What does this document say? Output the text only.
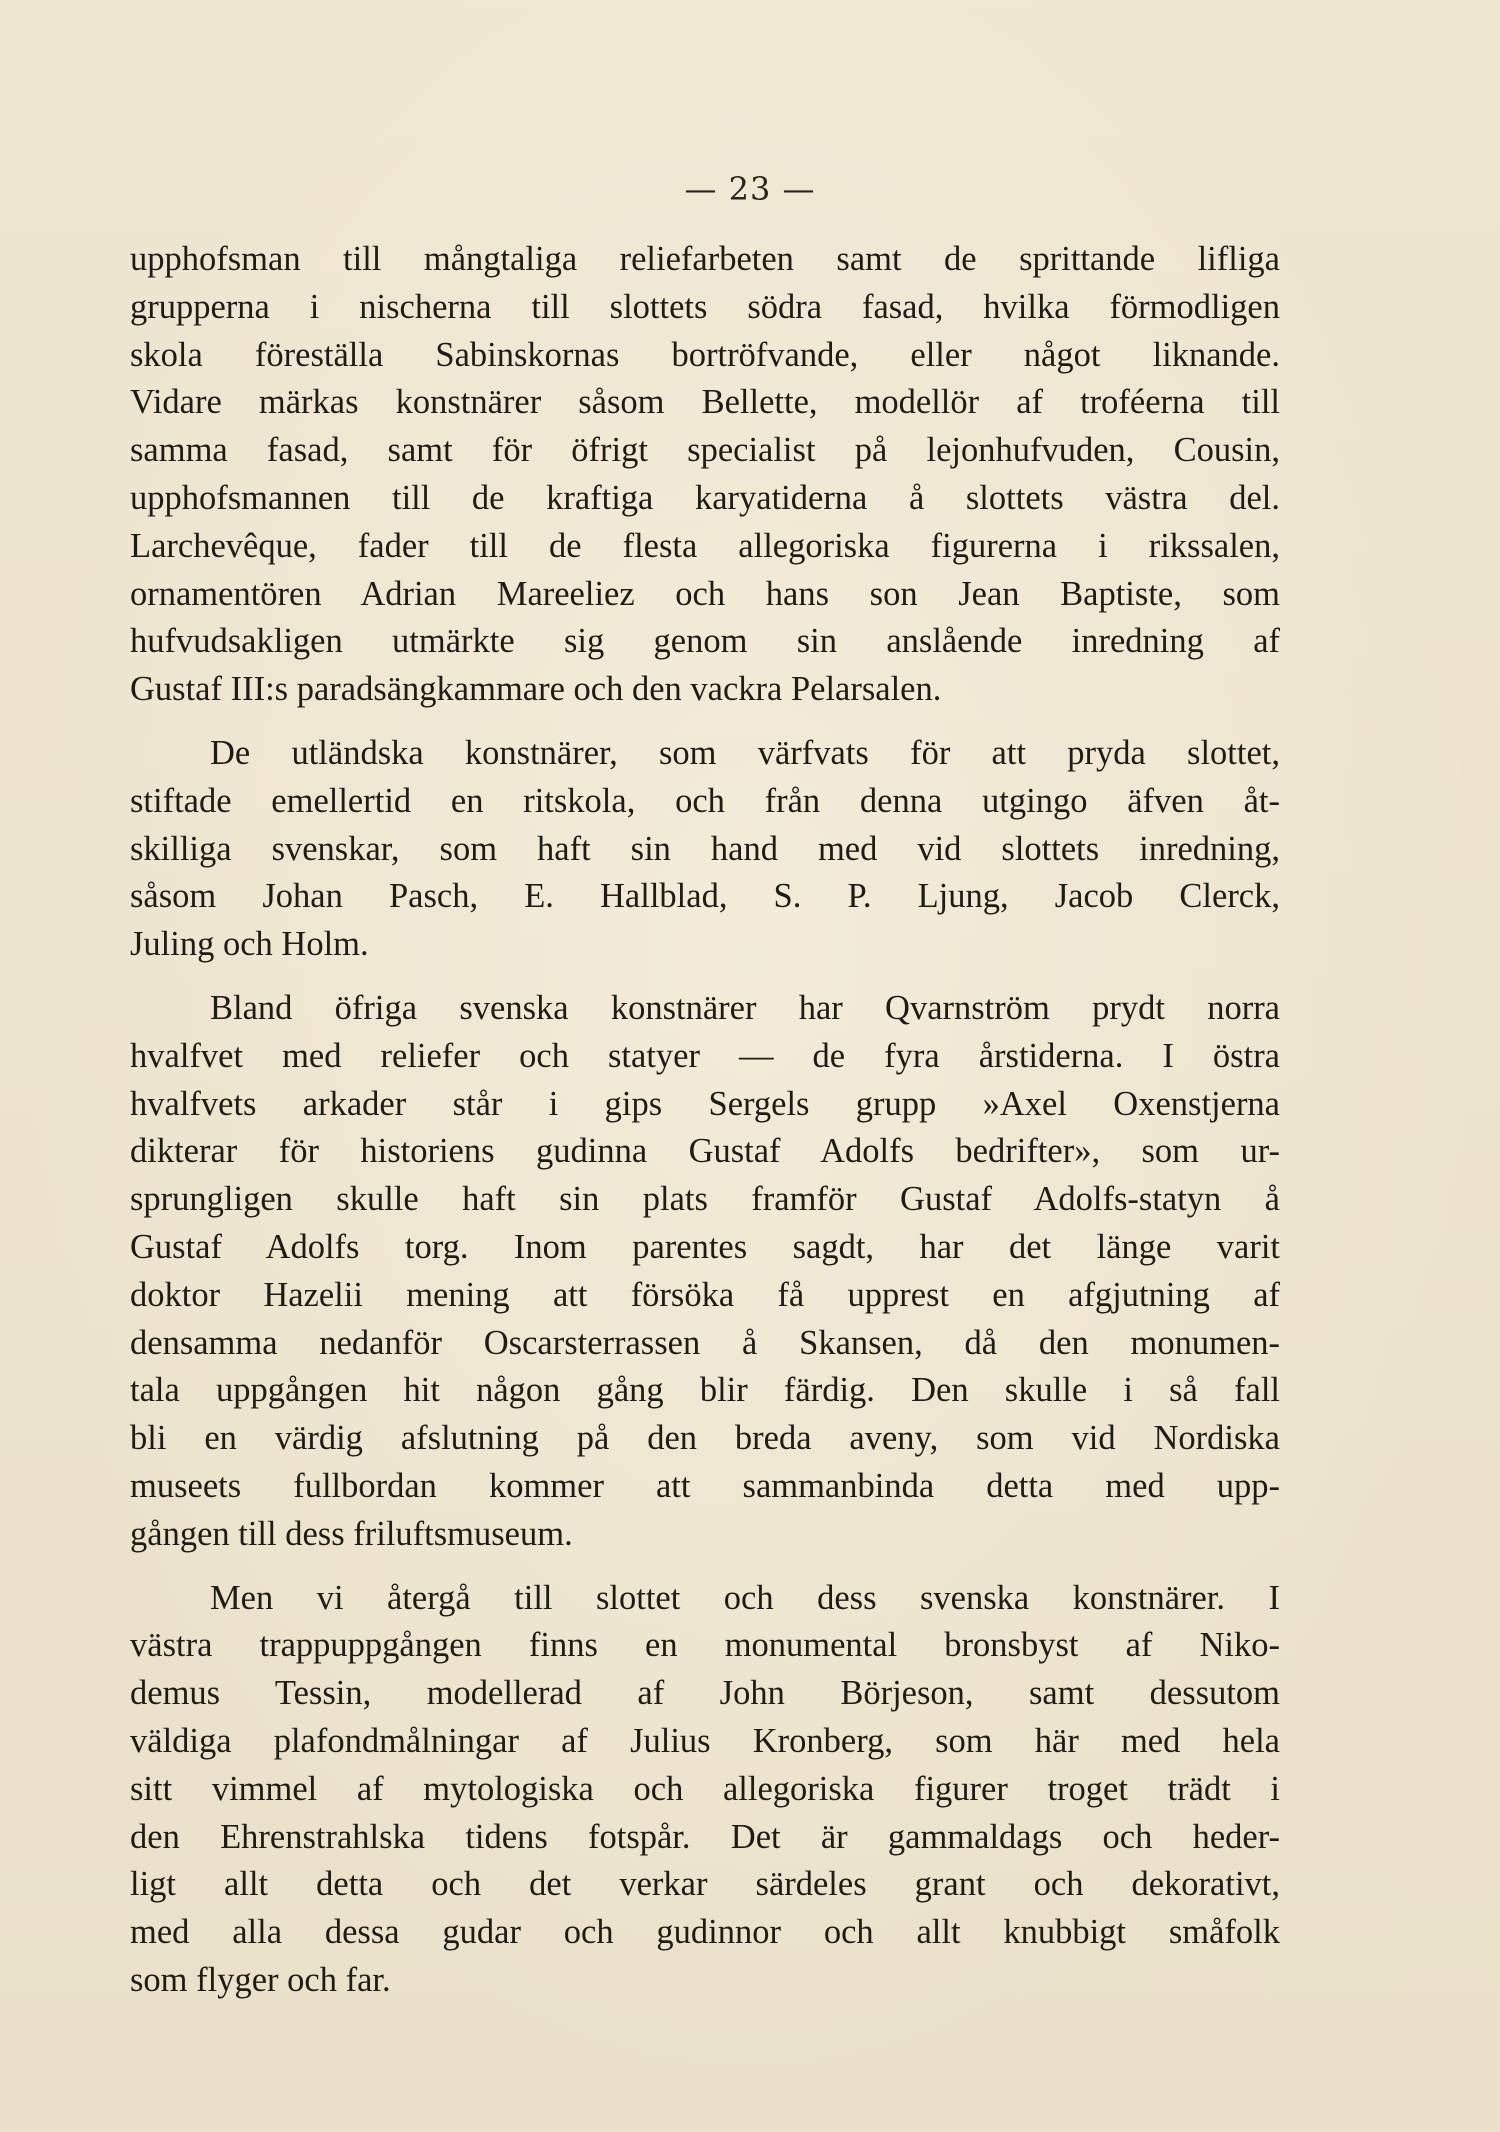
— 23 —
upphofsman till mångtaliga reliefarbeten samt de sprittande lifliga
grupperna i nischerna till slottets södra fasad, hvilka förmodligen
skola föreställa Sabinskornas bortröfvande, eller något liknande.
Vidare märkas konstnärer såsom Bellette, modellör af troféerna till
samma fasad, samt för öfrigt specialist på lejonhufvuden, Cousin,
upphofsmannen till de kraftiga karyatiderna å slottets västra del.
Larchevêque, fader till de flesta allegoriska figurerna i rikssalen,
ornamentören Adrian Mareeliez och hans son Jean Baptiste, som
hufvudsakligen utmärkte sig genom sin anslående inredning af
Gustaf III:s paradsängkammare och den vackra Pelarsalen.
De utländska konstnärer, som värfvats för att pryda slottet,
stiftade emellertid en ritskola, och från denna utgingo äfven åt-
skilliga svenskar, som haft sin hand med vid slottets inredning,
såsom Johan Pasch, E. Hallblad, S. P. Ljung, Jacob Clerck,
Juling och Holm.
Bland öfriga svenska konstnärer har Qvarnström prydt norra
hvalfvet med reliefer och statyer — de fyra årstiderna. I östra
hvalfvets arkader står i gips Sergels grupp »Axel Oxenstjerna
dikterar för historiens gudinna Gustaf Adolfs bedrifter», som ur-
sprungligen skulle haft sin plats framför Gustaf Adolfs-statyn å
Gustaf Adolfs torg. Inom parentes sagdt, har det länge varit
doktor Hazelii mening att försöka få upprest en afgjutning af
densamma nedanför Oscarsterrassen å Skansen, då den monumen-
tala uppgången hit någon gång blir färdig. Den skulle i så fall
bli en värdig afslutning på den breda aveny, som vid Nordiska
museets fullbordan kommer att sammanbinda detta med upp-
gången till dess friluftsmuseum.
Men vi återgå till slottet och dess svenska konstnärer. I
västra trappuppgången finns en monumental bronsbyst af Niko-
demus Tessin, modellerad af John Börjeson, samt dessutom
väldiga plafondmålningar af Julius Kronberg, som här med hela
sitt vimmel af mytologiska och allegoriska figurer troget trädt i
den Ehrenstrahlska tidens fotspår. Det är gammaldags och heder-
ligt allt detta och det verkar särdeles grant och dekorativt,
med alla dessa gudar och gudinnor och allt knubbigt småfolk
som flyger och far.
